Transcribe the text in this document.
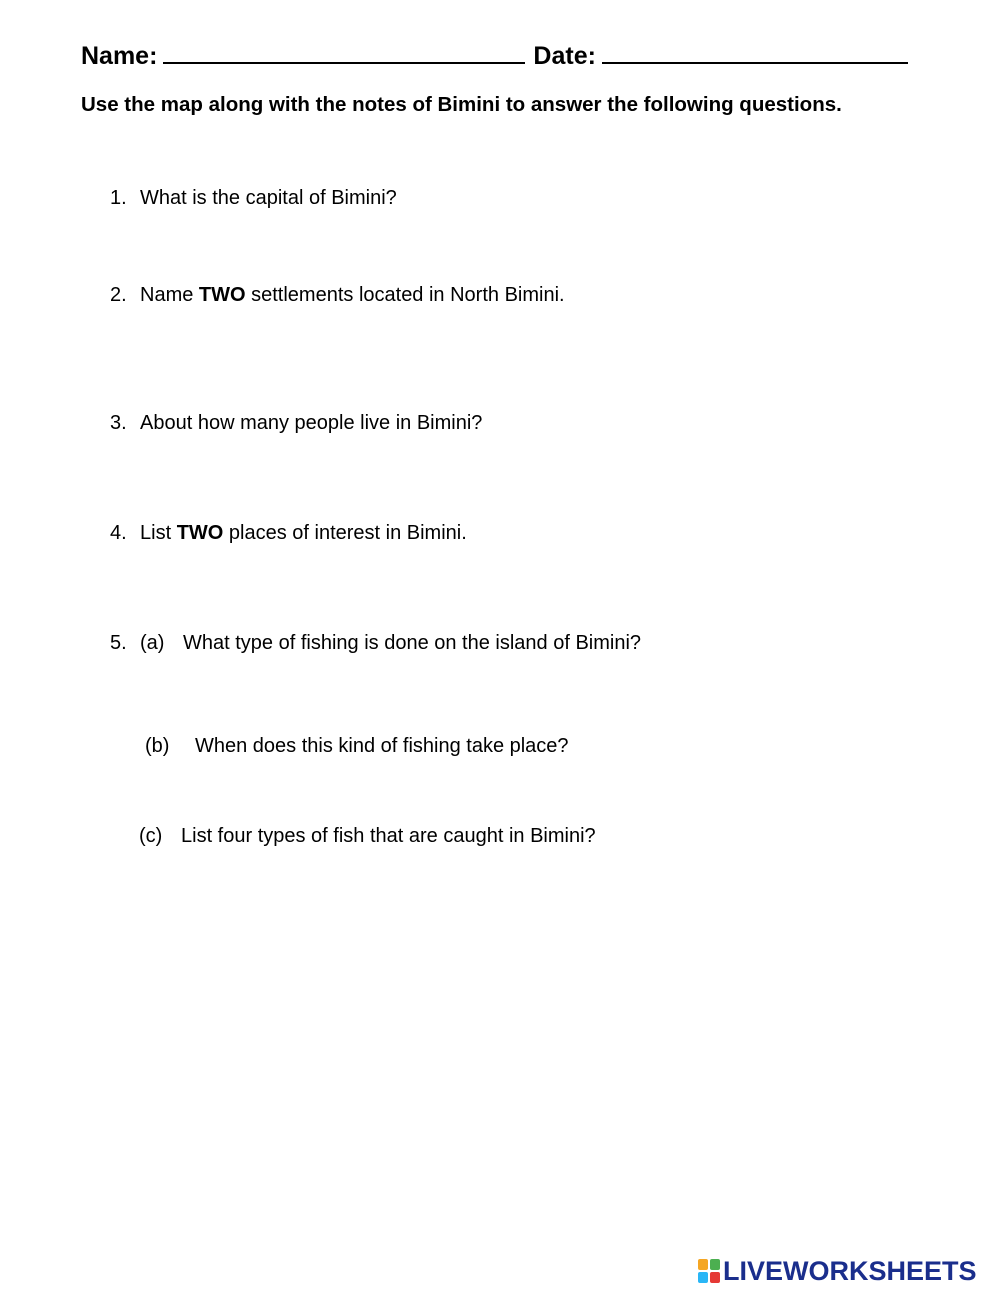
Name:	Date:
Use the map along with the notes of Bimini to answer the following questions.
1. What is the capital of Bimini?
2. Name TWO settlements located in North Bimini.
3. About how many people live in Bimini?
4. List TWO places of interest in Bimini.
5. (a) What type of fishing is done on the island of Bimini?
(b) When does this kind of fishing take place?
(c) List four types of fish that are caught in Bimini?
LIVEWORKSHEETS
